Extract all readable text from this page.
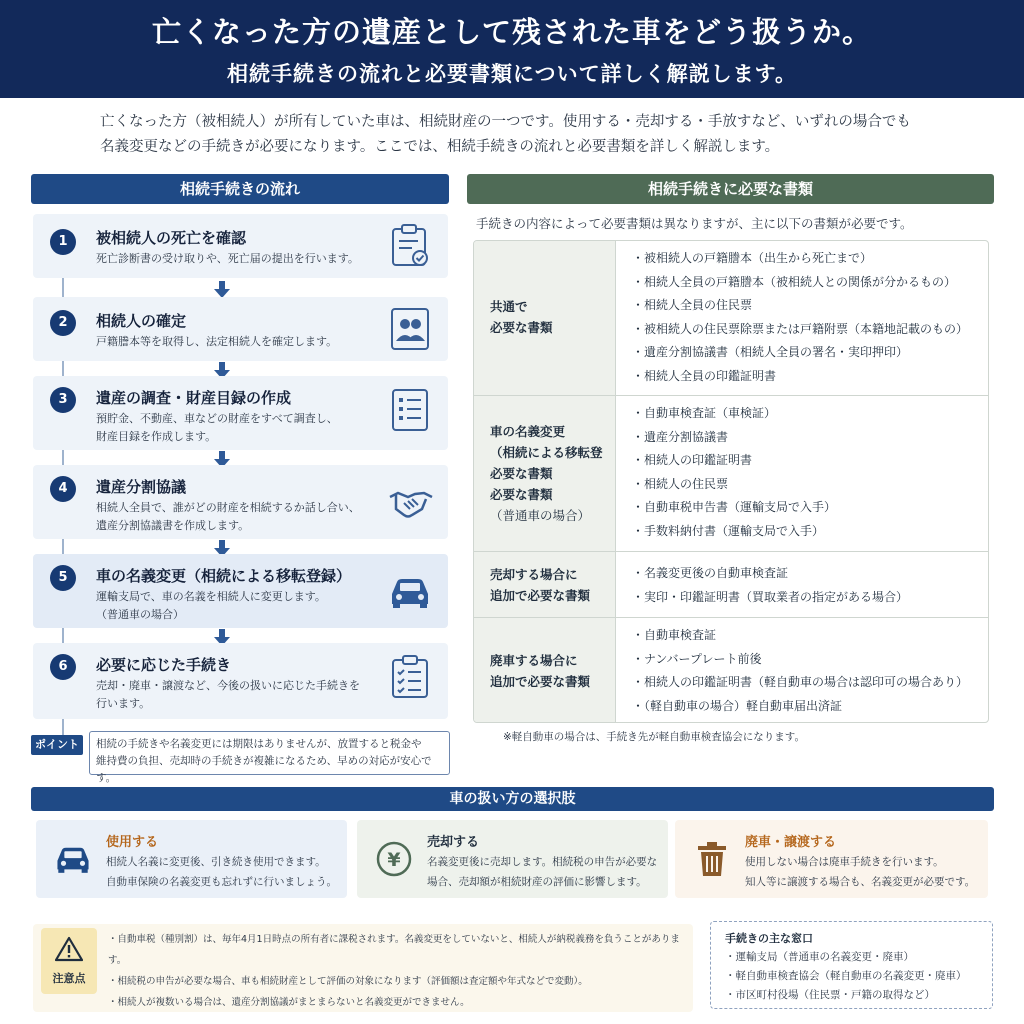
亡くなった方の遺産として残された車をどう扱うか。
相続手続きの流れと必要書類について詳しく解説します。
亡くなった方（被相続人）が所有していた車は、相続財産の一つです。使用する・売却する・手放すなど、いずれの場合でも
名義変更などの手続きが必要になります。ここでは、相続手続きの流れと必要書類を詳しく解説します。
相続手続きの流れ
1	被相続人の死亡を確認
死亡診断書の受け取りや、死亡届の提出を行います。
2	相続人の確定
戸籍謄本等を取得し、法定相続人を確定します。
3	遺産の調査・財産目録の作成
預貯金、不動産、車などの財産をすべて調査し、
財産目録を作成します。
4	遺産分割協議
相続人全員で、誰がどの財産を相続するか話し合い、
遺産分割協議書を作成します。
5	車の名義変更（相続による移転登録）
運輸支局で、車の名義を相続人に変更します。
（普通車の場合）
6	必要に応じた手続き
売却・廃車・譲渡など、今後の扱いに応じた手続きを
行います。
ポイント	相続の手続きや名義変更には期限はありませんが、放置すると税金や
維持費の負担、売却時の手続きが複雑になるため、早めの対応が安心です。
相続手続きに必要な書類
手続きの内容によって必要書類は異なりますが、主に以下の書類が必要です。
共通で
必要な書類
・被相続人の戸籍謄本（出生から死亡まで）
・相続人全員の戸籍謄本（被相続人との関係が分かるもの）
・相続人全員の住民票
・被相続人の住民票除票または戸籍附票（本籍地記載のもの）
・遺産分割協議書（相続人全員の署名・実印押印）
・相続人全員の印鑑証明書
車の名義変更
（相続による移転登
必要な書類
必要な書類
（普通車の場合）
・自動車検査証（車検証）
・遺産分割協議書
・相続人の印鑑証明書
・相続人の住民票
・自動車税申告書（運輸支局で入手）
・手数料納付書（運輸支局で入手）
売却する場合に
追加で必要な書類
・名義変更後の自動車検査証
・実印・印鑑証明書（買取業者の指定がある場合）
廃車する場合に
追加で必要な書類
・自動車検査証
・ナンバープレート前後
・相続人の印鑑証明書（軽自動車の場合は認印可の場合あり）
・（軽自動車の場合）軽自動車届出済証
※軽自動車の場合は、手続き先が軽自動車検査協会になります。
車の扱い方の選択肢
使用する
相続人名義に変更後、引き続き使用できます。
自動車保険の名義変更も忘れずに行いましょう。
¥
売却する
名義変更後に売却します。相続税の申告が必要な
場合、売却額が相続財産の評価に影響します。
廃車・譲渡する
使用しない場合は廃車手続きを行います。
知人等に譲渡する場合も、名義変更が必要です。
注意点
・自動車税（種別割）は、毎年4月1日時点の所有者に課税されます。名義変更をしていないと、相続人が納税義務を負うことがあります。
・相続税の申告が必要な場合、車も相続財産として評価の対象になります（評価額は査定額や年式などで変動）。
・相続人が複数いる場合は、遺産分割協議がまとまらないと名義変更ができません。
手続きの主な窓口
・運輸支局（普通車の名義変更・廃車）
・軽自動車検査協会（軽自動車の名義変更・廃車）
・市区町村役場（住民票・戸籍の取得など）
